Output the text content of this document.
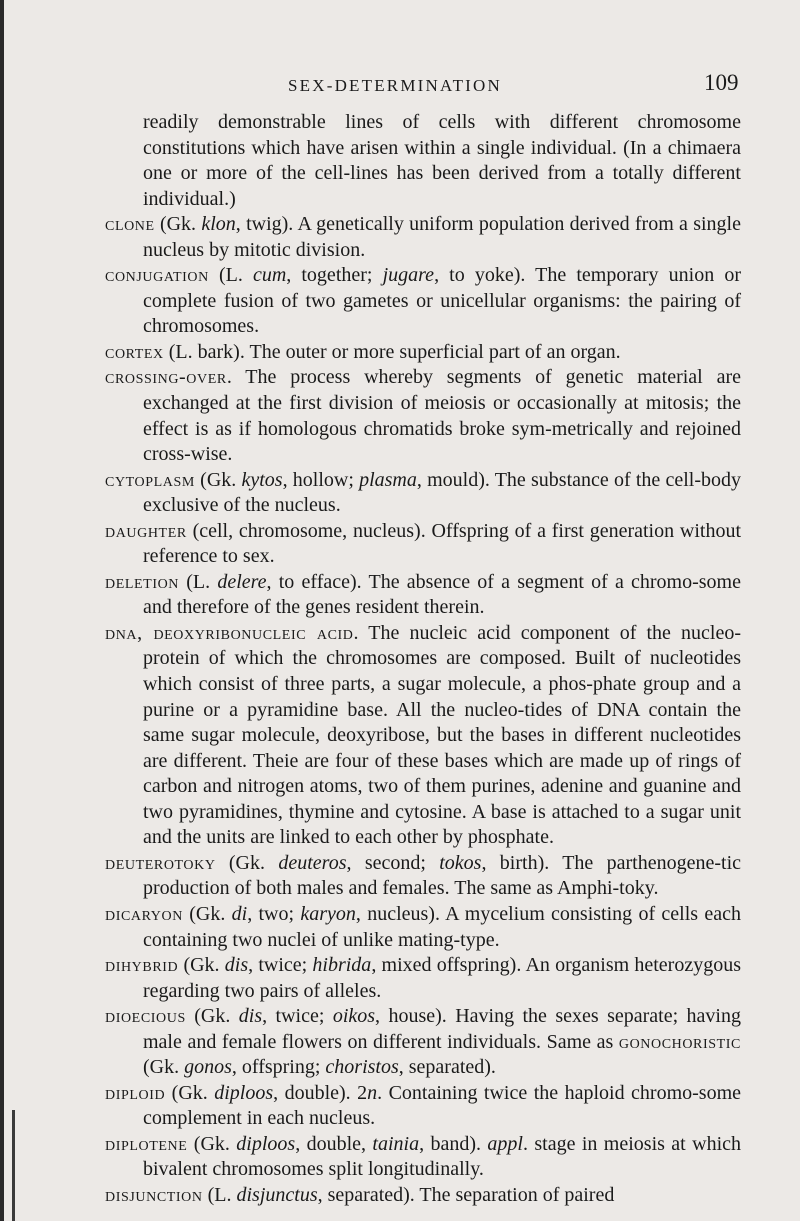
SEX-DETERMINATION	109

readily demonstrable lines of cells with different chromosome constitutions which have arisen within a single individual. (In a chimaera one or more of the cell-lines has been derived from a totally different individual.)

clone (Gk. klon, twig). A genetically uniform population derived from a single nucleus by mitotic division.

conjugation (L. cum, together; jugare, to yoke). The temporary union or complete fusion of two gametes or unicellular organisms: the pairing of chromosomes.

cortex (L. bark). The outer or more superficial part of an organ.

crossing-over. The process whereby segments of genetic material are exchanged at the first division of meiosis or occasionally at mitosis; the effect is as if homologous chromatids broke sym-metrically and rejoined cross-wise.

cytoplasm (Gk. kytos, hollow; plasma, mould). The substance of the cell-body exclusive of the nucleus.

daughter (cell, chromosome, nucleus). Offspring of a first generation without reference to sex.

deletion (L. delere, to efface). The absence of a segment of a chromo-some and therefore of the genes resident therein.

dna, deoxyribonucleic acid. The nucleic acid component of the nucleo-protein of which the chromosomes are composed. Built of nucleotides which consist of three parts, a sugar molecule, a phos-phate group and a purine or a pyramidine base. All the nucleo-tides of DNA contain the same sugar molecule, deoxyribose, but the bases in different nucleotides are different. Theie are four of these bases which are made up of rings of carbon and nitrogen atoms, two of them purines, adenine and guanine and two pyramidines, thymine and cytosine. A base is attached to a sugar unit and the units are linked to each other by phosphate.

deuterotoky (Gk. deuteros, second; tokos, birth). The parthenogene-tic production of both males and females. The same as Amphi-toky.

dicaryon (Gk. di, two; karyon, nucleus). A mycelium consisting of cells each containing two nuclei of unlike mating-type.

dihybrid (Gk. dis, twice; hibrida, mixed offspring). An organism heterozygous regarding two pairs of alleles.

dioecious (Gk. dis, twice; oikos, house). Having the sexes separate; having male and female flowers on different individuals. Same as gonochoristic (Gk. gonos, offspring; choristos, separated).

diploid (Gk. diploos, double). 2n. Containing twice the haploid chromo-some complement in each nucleus.

diplotene (Gk. diploos, double, tainia, band). appl. stage in meiosis at which bivalent chromosomes split longitudinally.

disjunction (L. disjunctus, separated). The separation of paired
